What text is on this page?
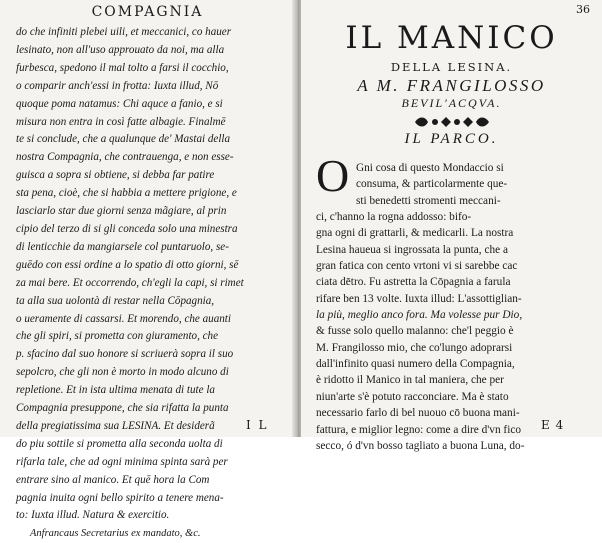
COMPAGNIA
do che infiniti plebei uili, et meccanici, co hauer
lesinato, non all'uso approuato da noi, ma alla
furbesca, spedono il mal tolto a farsi il cocchio,
o comparir anch'essi in frotta: Iuxta illud, Nō
quoque poma natamus: Chi aquce a fanio, e si
misura non entra in così fatte albagie. Finalmē
te si conclude, che a qualunque de' Mastai della
nostra Compagnia, che contrauenga, e non esse-
guisca a sopra si obtiene, si debba far patire
sta pena, cioè, che si habbia a mettere prigione, e
lasciarlo star due giorni senza mãgiare, al prin
cipio del terzo di si gli conceda solo una minestra
di lenticchie da mangiarsele col puntaruolo, se-
guēdo con essi ordine a lo spatio di otto giorni, sē
za mai bere. Et occorrendo, ch'egli la capi, si rimet
ta alla sua uolontà di restar nella Cōpagnia,
o ueramente di cassarsi. Et morendo, che auanti
che gli spiri, si prometta con giuramento, che
p. sfacino dal suo honore si scriuerà sopra il suo
sepolcro, che gli non è morto in modo alcuno di
repletione. Et in ista ultima menata di tute la
Compagnia presuppone, che sia rifatta la punta
della pregiatissima sua LESINA. Et desiderã
do piu sottile si prometta alla seconda uolta di
rifarla tale, che ad ogni minima spinta sarà per
entrare sino al manico. Et quē hora la Com
pagnia inuita ogni bello spirito a tenere mena-
to: Iuxta illud. Natura & exercitio.
Anfrancaus Secretarius ex mandato, &c.
I L
36
IL MANICO
DELLA LESINA.
A M. FRANGILOSSO
BEVIL'ACQVA.
IL PARCO.
O Gni cosa di questo Mondaccio si
consuma, & particolarmente que-
sti benedetti stromenti meccani-
ci, c'hanno la rogna addosso: bifo-
gna ogni di grattarli, & medicarli. La nostra
Lesina haueua si ingrossata la punta, che a
gran fatica con cento vrtoni vi si sarebbe cac
ciata dētro. Fu astretta la Cōpagnia a farula
rifare ben 13 volte. Iuxta illud: L'assottiglian-
la più, meglio anco fora. Ma volesse pur Dio,
& fusse solo quello malanno: che'l peggio è
M. Frangilosso mio, che co'lungo adoprarsi
dall'infinito quasi numero della Compagnia,
è ridotto il Manico in tal maniera, che per
niun'arte s'è potuto racconciare. Ma è stato
necessario farlo di bel nuouo cō buona mani-
fattura, e miglior legno: come a dire d'vn fico
secco, ó d'vn bosso tagliato a buona Luna, do-
E 4
